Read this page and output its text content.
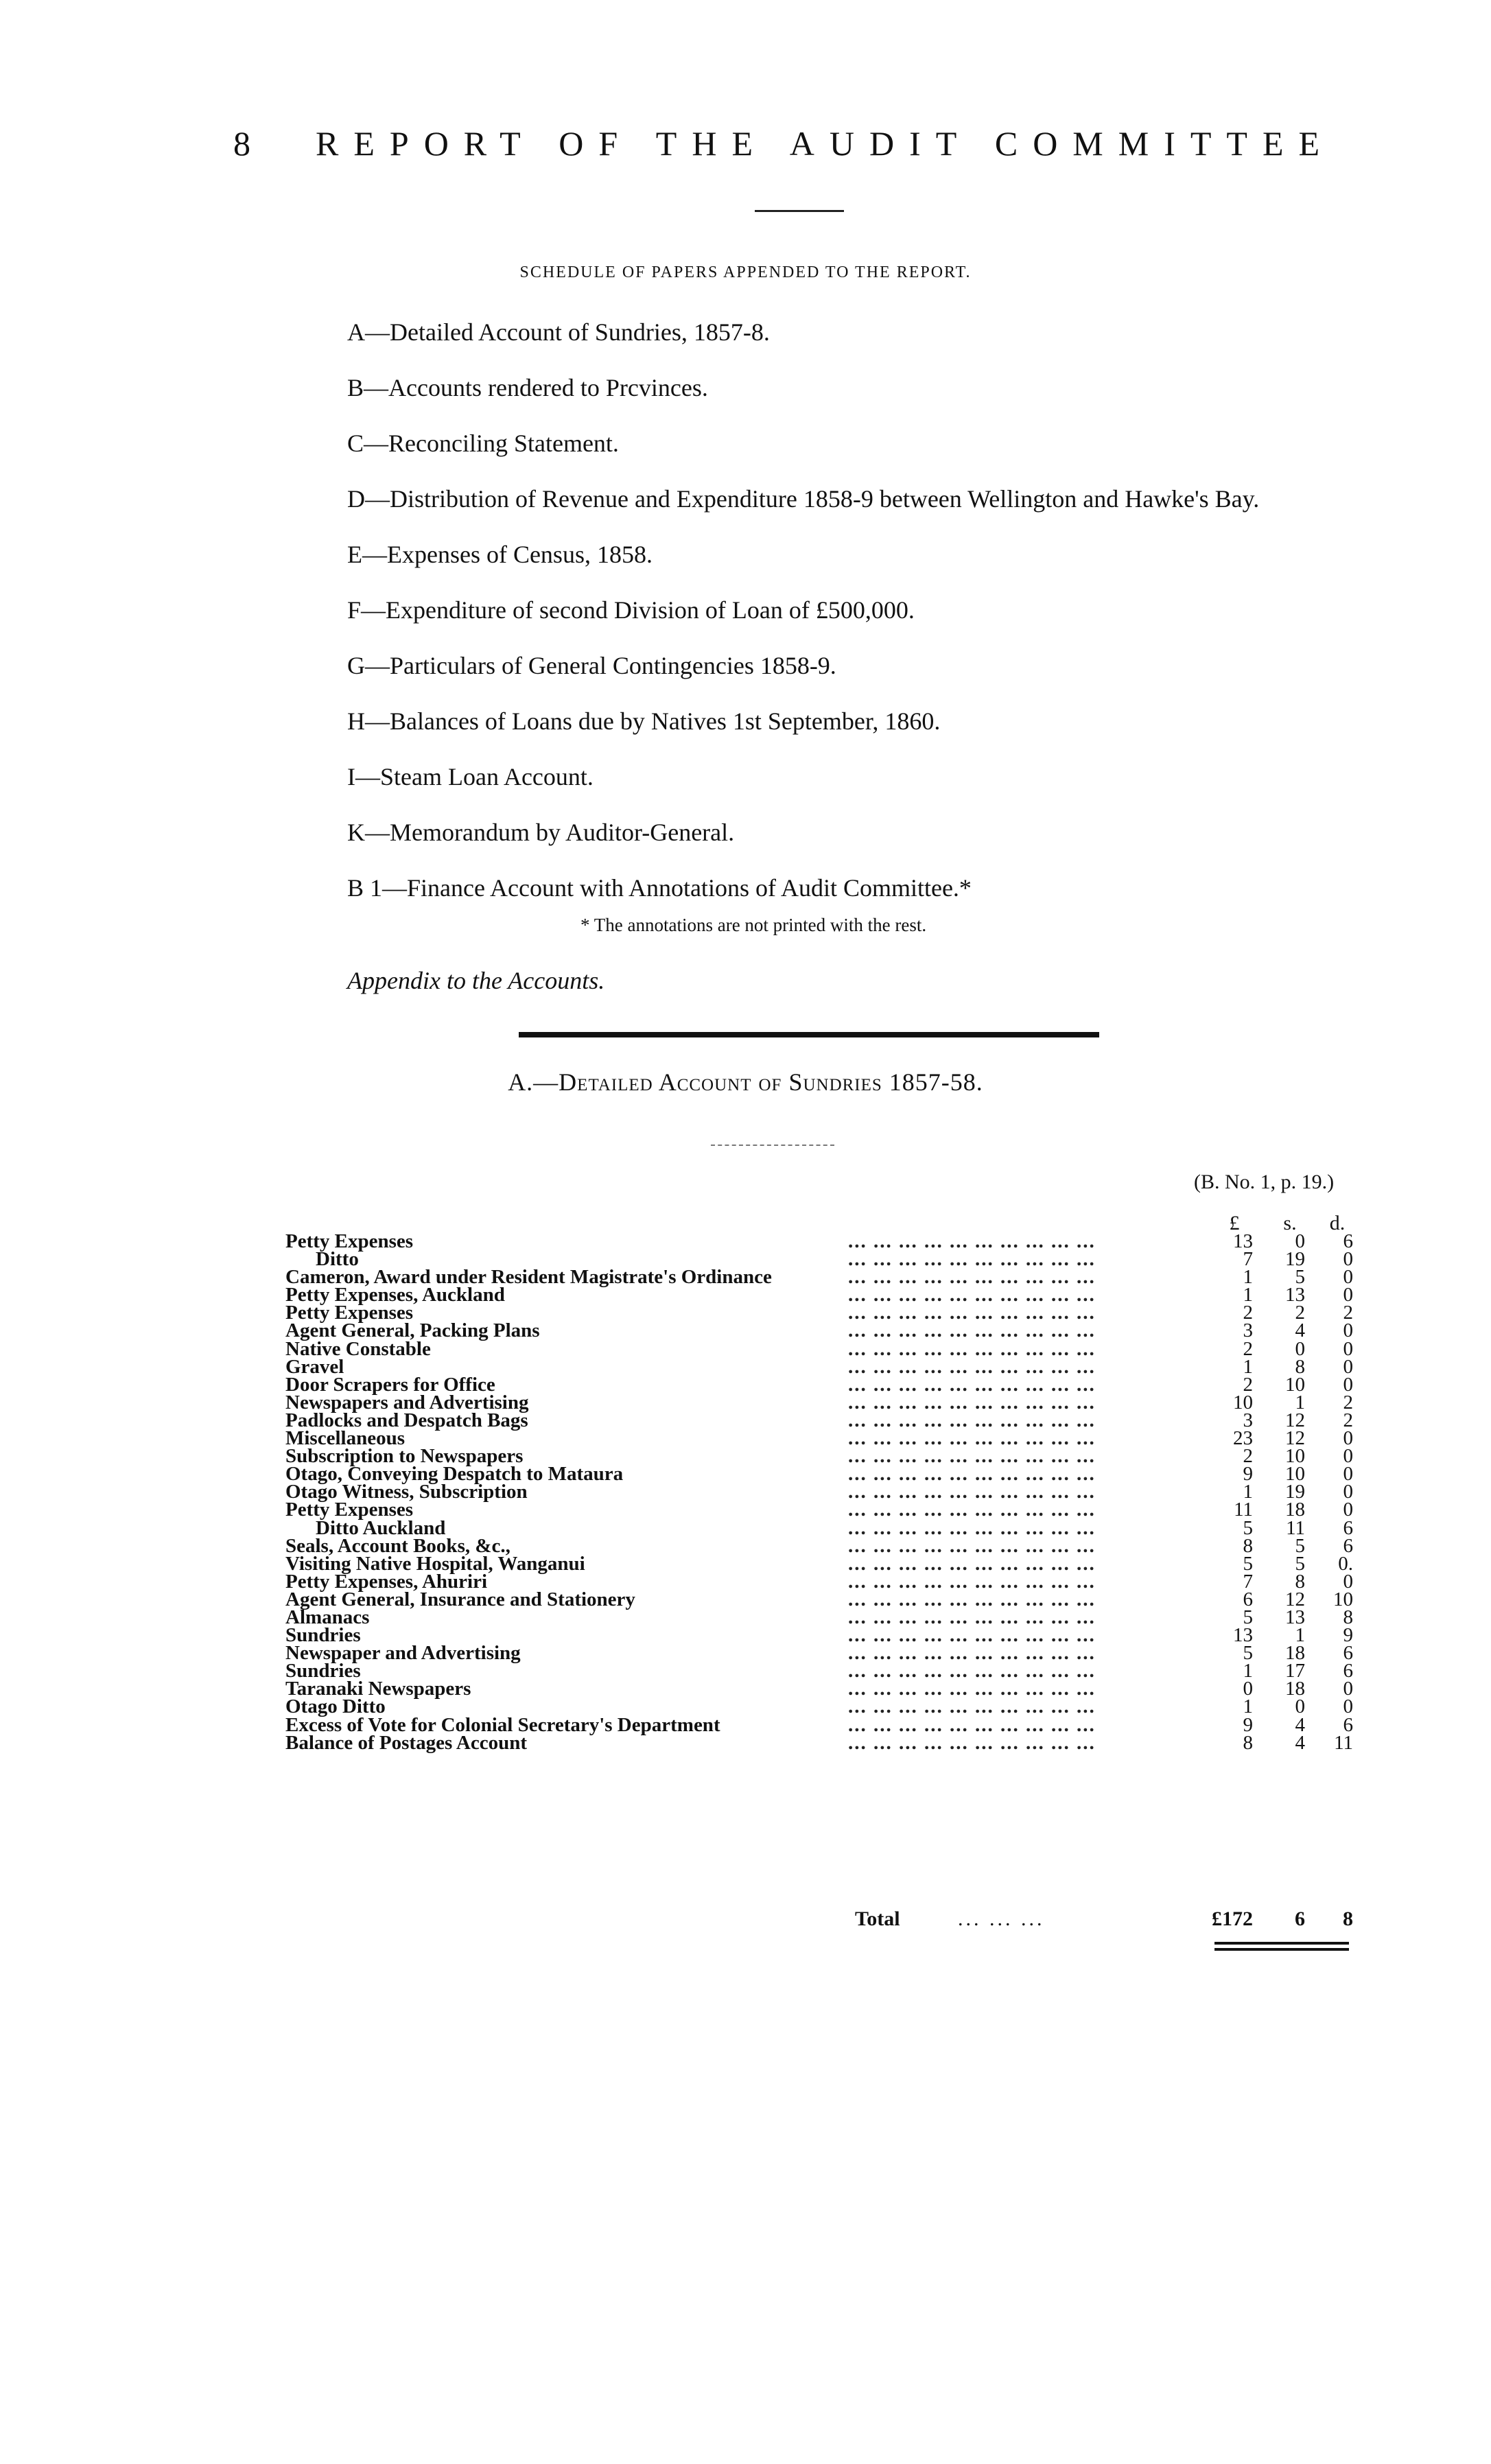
8 REPORT OF THE AUDIT COMMITTEE
SCHEDULE OF PAPERS APPENDED TO THE REPORT.
A—Detailed Account of Sundries, 1857-8.
B—Accounts rendered to Prcvinces.
C—Reconciling Statement.
D—Distribution of Revenue and Expenditure 1858-9 between Wellington and Hawke's Bay.
E—Expenses of Census, 1858.
F—Expenditure of second Division of Loan of £500,000.
G—Particulars of General Contingencies 1858-9.
H—Balances of Loans due by Natives 1st September, 1860.
I—Steam Loan Account.
K—Memorandum by Auditor-General.
B 1—Finance Account with Annotations of Audit Committee.*
* The annotations are not printed with the rest.
Appendix to the Accounts.
A.—Detailed Account of Sundries 1857-58.
(B. No. 1, p. 19.)
£	s.	d.
Petty Expenses	... ... ... ... ... ... ... ... ... ...	13	0	6
Ditto	... ... ... ... ... ... ... ... ... ...	7	19	0
Cameron, Award under Resident Magistrate's Ordinance	... ... ... ... ... ... ... ... ... ...	1	5	0
Petty Expenses, Auckland	... ... ... ... ... ... ... ... ... ...	1	13	0
Petty Expenses	... ... ... ... ... ... ... ... ... ...	2	2	2
Agent General, Packing Plans	... ... ... ... ... ... ... ... ... ...	3	4	0
Native Constable	... ... ... ... ... ... ... ... ... ...	2	0	0
Gravel	... ... ... ... ... ... ... ... ... ...	1	8	0
Door Scrapers for Office	... ... ... ... ... ... ... ... ... ...	2	10	0
Newspapers and Advertising	... ... ... ... ... ... ... ... ... ...	10	1	2
Padlocks and Despatch Bags	... ... ... ... ... ... ... ... ... ...	3	12	2
Miscellaneous	... ... ... ... ... ... ... ... ... ...	23	12	0
Subscription to Newspapers	... ... ... ... ... ... ... ... ... ...	2	10	0
Otago, Conveying Despatch to Mataura	... ... ... ... ... ... ... ... ... ...	9	10	0
Otago Witness, Subscription	... ... ... ... ... ... ... ... ... ...	1	19	0
Petty Expenses	... ... ... ... ... ... ... ... ... ...	11	18	0
Ditto Auckland	... ... ... ... ... ... ... ... ... ...	5	11	6
Seals, Account Books, &c.,	... ... ... ... ... ... ... ... ... ...	8	5	6
Visiting Native Hospital, Wanganui	... ... ... ... ... ... ... ... ... ...	5	5	0.
Petty Expenses, Ahuriri	... ... ... ... ... ... ... ... ... ...	7	8	0
Agent General, Insurance and Stationery	... ... ... ... ... ... ... ... ... ...	6	12	10
Almanacs	... ... ... ... ... ... ... ... ... ...	5	13	8
Sundries	... ... ... ... ... ... ... ... ... ...	13	1	9
Newspaper and Advertising	... ... ... ... ... ... ... ... ... ...	5	18	6
Sundries	... ... ... ... ... ... ... ... ... ...	1	17	6
Taranaki Newspapers	... ... ... ... ... ... ... ... ... ...	0	18	0
Otago Ditto	... ... ... ... ... ... ... ... ... ...	1	0	0
Excess of Vote for Colonial Secretary's Department	... ... ... ... ... ... ... ... ... ...	9	4	6
Balance of Postages Account	... ... ... ... ... ... ... ... ... ...	8	4	11
Total	... ... ...	£172	6	8
